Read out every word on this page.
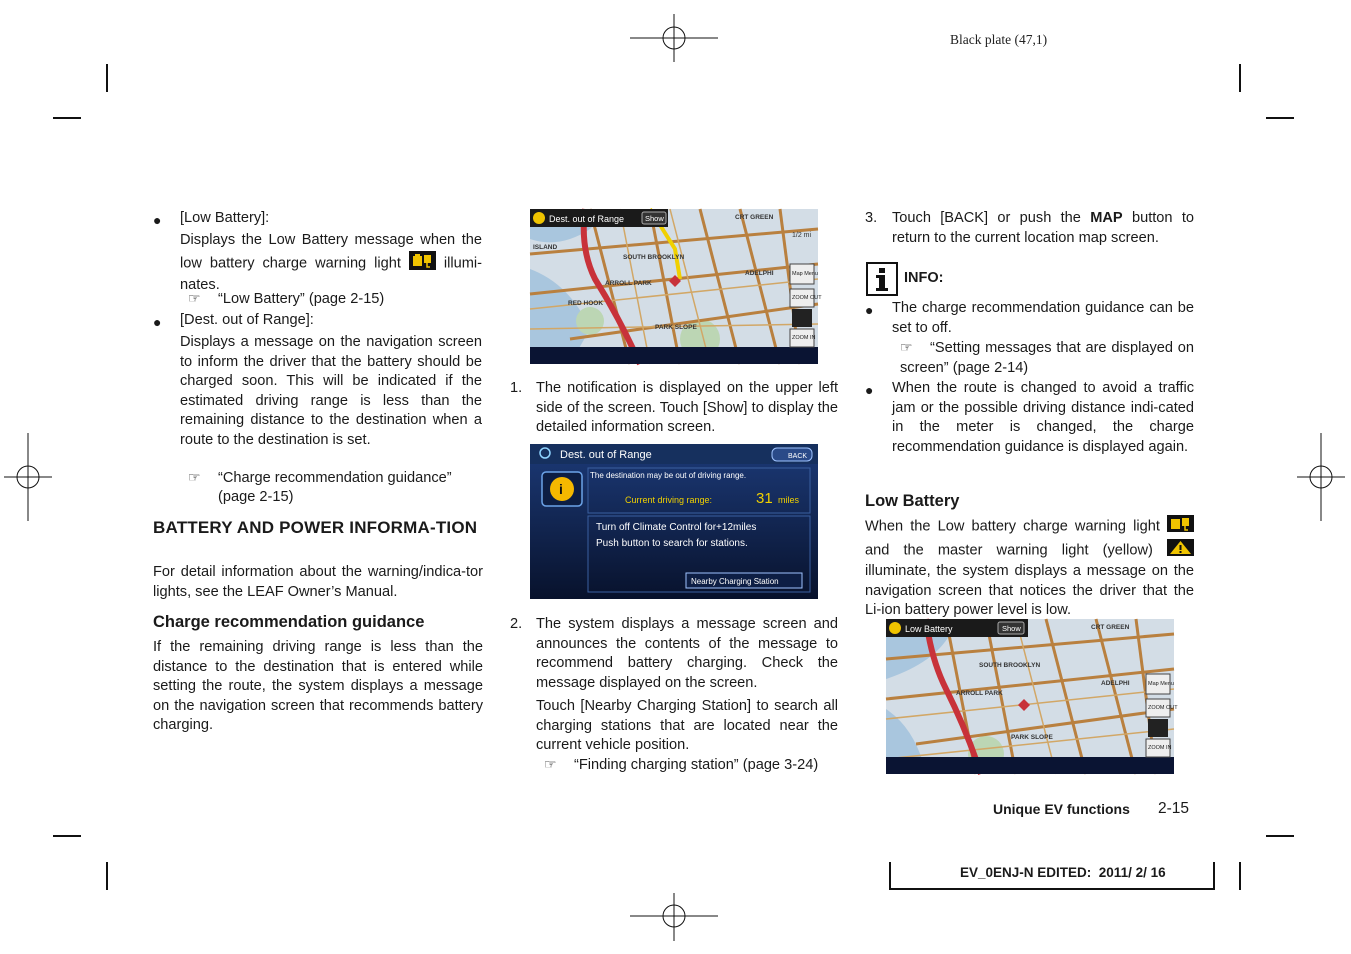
Black plate (47,1)
● [Low Battery]:
Displays the Low Battery message when the low battery charge warning light	illumi-nates.
☞ “Low Battery” (page 2-15)
● [Dest. out of Range]:
Displays a message on the navigation screen to inform the driver that the battery should be charged soon. This will be indicated if the estimated driving range is less than the remaining distance to the destination when a route to the destination is set.
☞ “Charge recommendation guidance”
(page 2-15)
BATTERY AND POWER INFORMA-TION
For detail information about the warning/indica-tor lights, see the LEAF Owner’s Manual.
Charge recommendation guidance
If the remaining driving range is less than the distance to the destination that is entered while setting the route, the system displays a message on the navigation screen that recommends battery charging.
Dest. out of Range	Show
Map Menu
ZOOM OUT
ZOOM IN
1/2 mi
CRT GREEN
ISLAND
SOUTH BROOKLYN
ADELPHI
ARROLL PARK
RED HOOK
PARK SLOPE
1. The notification is displayed on the upper left side of the screen. Touch [Show] to display the detailed information screen.
Dest. out of Range	BACK
i
The destination may be out of driving range.
Current driving range:	31 miles
Turn off Climate Control for+12miles
Push button to search for stations.
Nearby Charging Station
2. The system displays a message screen and announces the contents of the message to recommend battery charging. Check the message displayed on the screen.
Touch [Nearby Charging Station] to search all charging stations that are located near the current vehicle position.
☞ “Finding charging station” (page 3-24)
3. Touch [BACK] or push the MAP button to return to the current location map screen.
INFO:
● The charge recommendation guidance can be set to off.
☞ “Setting messages that are displayed on screen” (page 2-14)
● When the route is changed to avoid a traffic jam or the possible driving distance indi-cated in the meter is changed, the charge recommendation guidance is displayed again.
Low Battery
When the Low battery charge warning light  and the master warning light (yellow)  illuminate, the system displays a message on the navigation screen that notices the driver that the Li-ion battery power level is low.
Low Battery	Show
Map Menu
ZOOM OUT
ZOOM IN
CRT GREEN
SOUTH BROOKLYN
ADELPHI
ARROLL PARK
PARK SLOPE
Unique EV functions 2-15
EV_0ENJ-N EDITED:  2011/ 2/ 16
